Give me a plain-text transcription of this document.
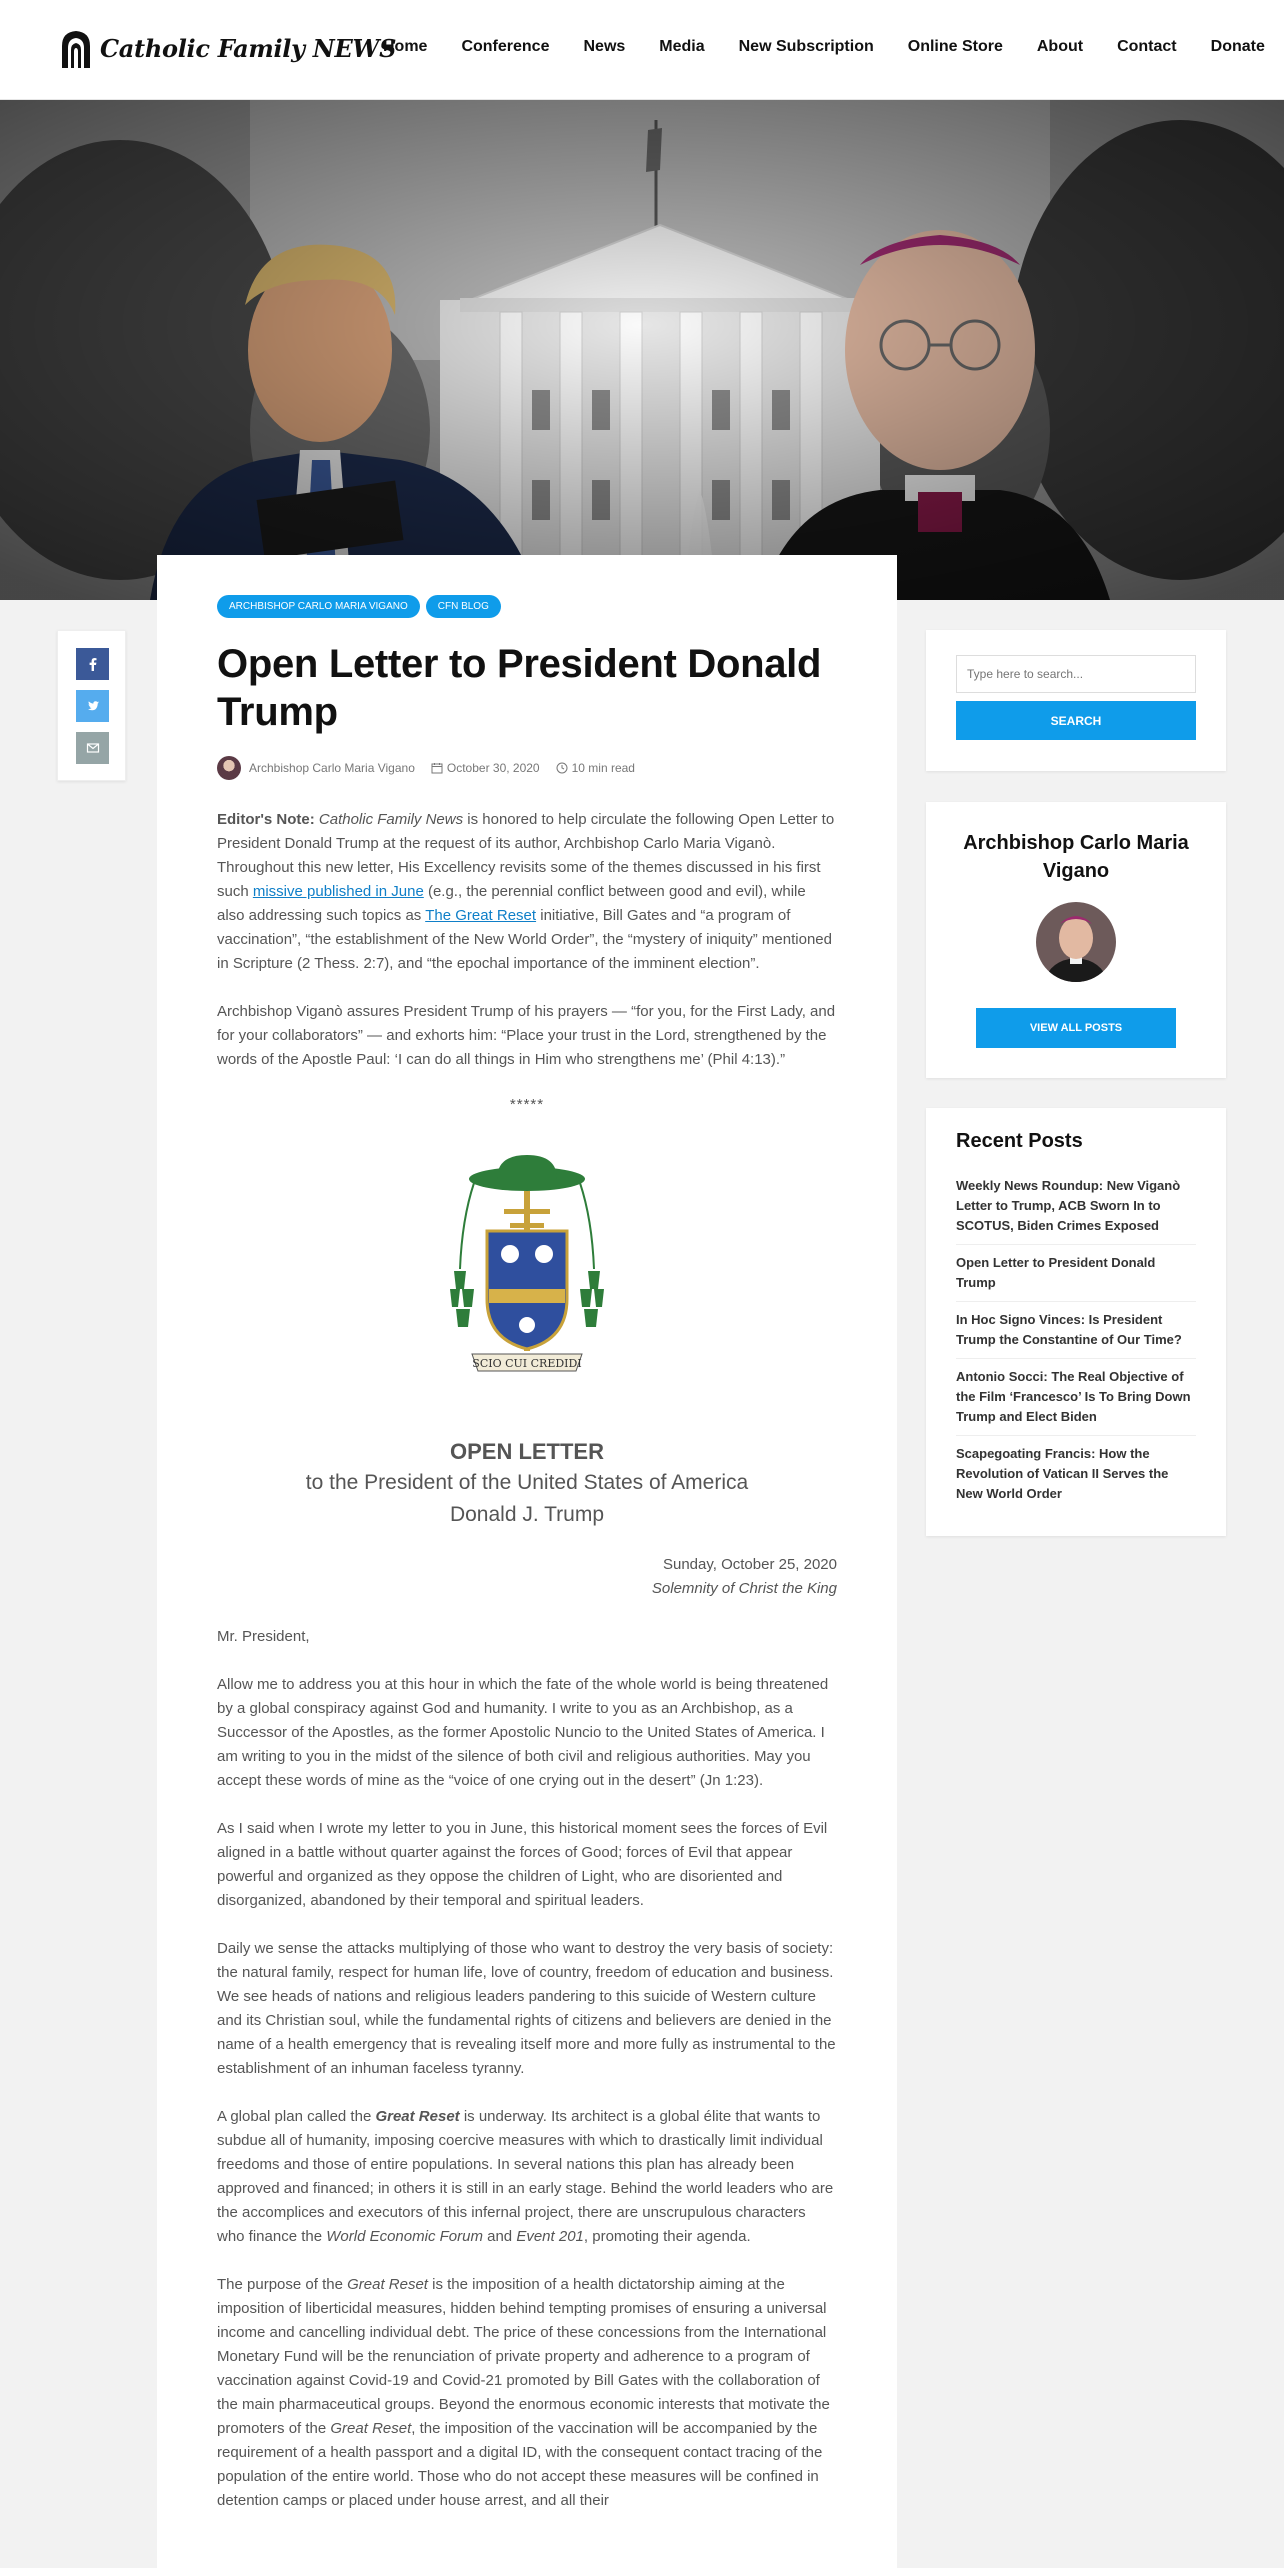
Catholic Family NEWS
Home Conference News Media New Subscription Online Store About Contact Donate
ARCHBISHOP CARLO MARIA VIGANO	CFN BLOG
Open Letter to President Donald Trump
Archbishop Carlo Maria Vigano	October 30, 2020	10 min read

Editor's Note: Catholic Family News is honored to help circulate the following Open Letter to President Donald Trump at the request of its author, Archbishop Carlo Maria Viganò. Throughout this new letter, His Excellency revisits some of the themes discussed in his first such missive published in June (e.g., the perennial conflict between good and evil), while also addressing such topics as The Great Reset initiative, Bill Gates and “a program of vaccination”, “the establishment of the New World Order”, the “mystery of iniquity” mentioned in Scripture (2 Thess. 2:7), and “the epochal importance of the imminent election”.

Archbishop Viganò assures President Trump of his prayers — “for you, for the First Lady, and for your collaborators” — and exhorts him: “Place your trust in the Lord, strengthened by the words of the Apostle Paul: ‘I can do all things in Him who strengthens me’ (Phil 4:13).”

*****
SCIO CUI CREDIDI
OPEN LETTER
to the President of the United States of America
Donald J. Trump
Sunday, October 25, 2020
Solemnity of Christ the King

Mr. President,

Allow me to address you at this hour in which the fate of the whole world is being threatened by a global conspiracy against God and humanity. I write to you as an Archbishop, as a Successor of the Apostles, as the former Apostolic Nuncio to the United States of America. I am writing to you in the midst of the silence of both civil and religious authorities. May you accept these words of mine as the “voice of one crying out in the desert” (Jn 1:23).

As I said when I wrote my letter to you in June, this historical moment sees the forces of Evil aligned in a battle without quarter against the forces of Good; forces of Evil that appear powerful and organized as they oppose the children of Light, who are disoriented and disorganized, abandoned by their temporal and spiritual leaders.

Daily we sense the attacks multiplying of those who want to destroy the very basis of society: the natural family, respect for human life, love of country, freedom of education and business. We see heads of nations and religious leaders pandering to this suicide of Western culture and its Christian soul, while the fundamental rights of citizens and believers are denied in the name of a health emergency that is revealing itself more and more fully as instrumental to the establishment of an inhuman faceless tyranny.

A global plan called the Great Reset is underway. Its architect is a global élite that wants to subdue all of humanity, imposing coercive measures with which to drastically limit individual freedoms and those of entire populations. In several nations this plan has already been approved and financed; in others it is still in an early stage. Behind the world leaders who are the accomplices and executors of this infernal project, there are unscrupulous characters who finance the World Economic Forum and Event 201, promoting their agenda.

The purpose of the Great Reset is the imposition of a health dictatorship aiming at the imposition of liberticidal measures, hidden behind tempting promises of ensuring a universal income and cancelling individual debt. The price of these concessions from the International Monetary Fund will be the renunciation of private property and adherence to a program of vaccination against Covid-19 and Covid-21 promoted by Bill Gates with the collaboration of the main pharmaceutical groups. Beyond the enormous economic interests that motivate the promoters of the Great Reset, the imposition of the vaccination will be accompanied by the requirement of a health passport and a digital ID, with the consequent contact tracing of the population of the entire world. Those who do not accept these measures will be confined in detention camps or placed under house arrest, and all their

Type here to search...
SEARCH
Archbishop Carlo Maria Vigano
VIEW ALL POSTS
Recent Posts
Weekly News Roundup: New Viganò Letter to Trump, ACB Sworn In to SCOTUS, Biden Crimes Exposed
Open Letter to President Donald Trump
In Hoc Signo Vinces: Is President Trump the Constantine of Our Time?
Antonio Socci: The Real Objective of the Film ‘Francesco’ Is To Bring Down Trump and Elect Biden
Scapegoating Francis: How the Revolution of Vatican II Serves the New World Order
